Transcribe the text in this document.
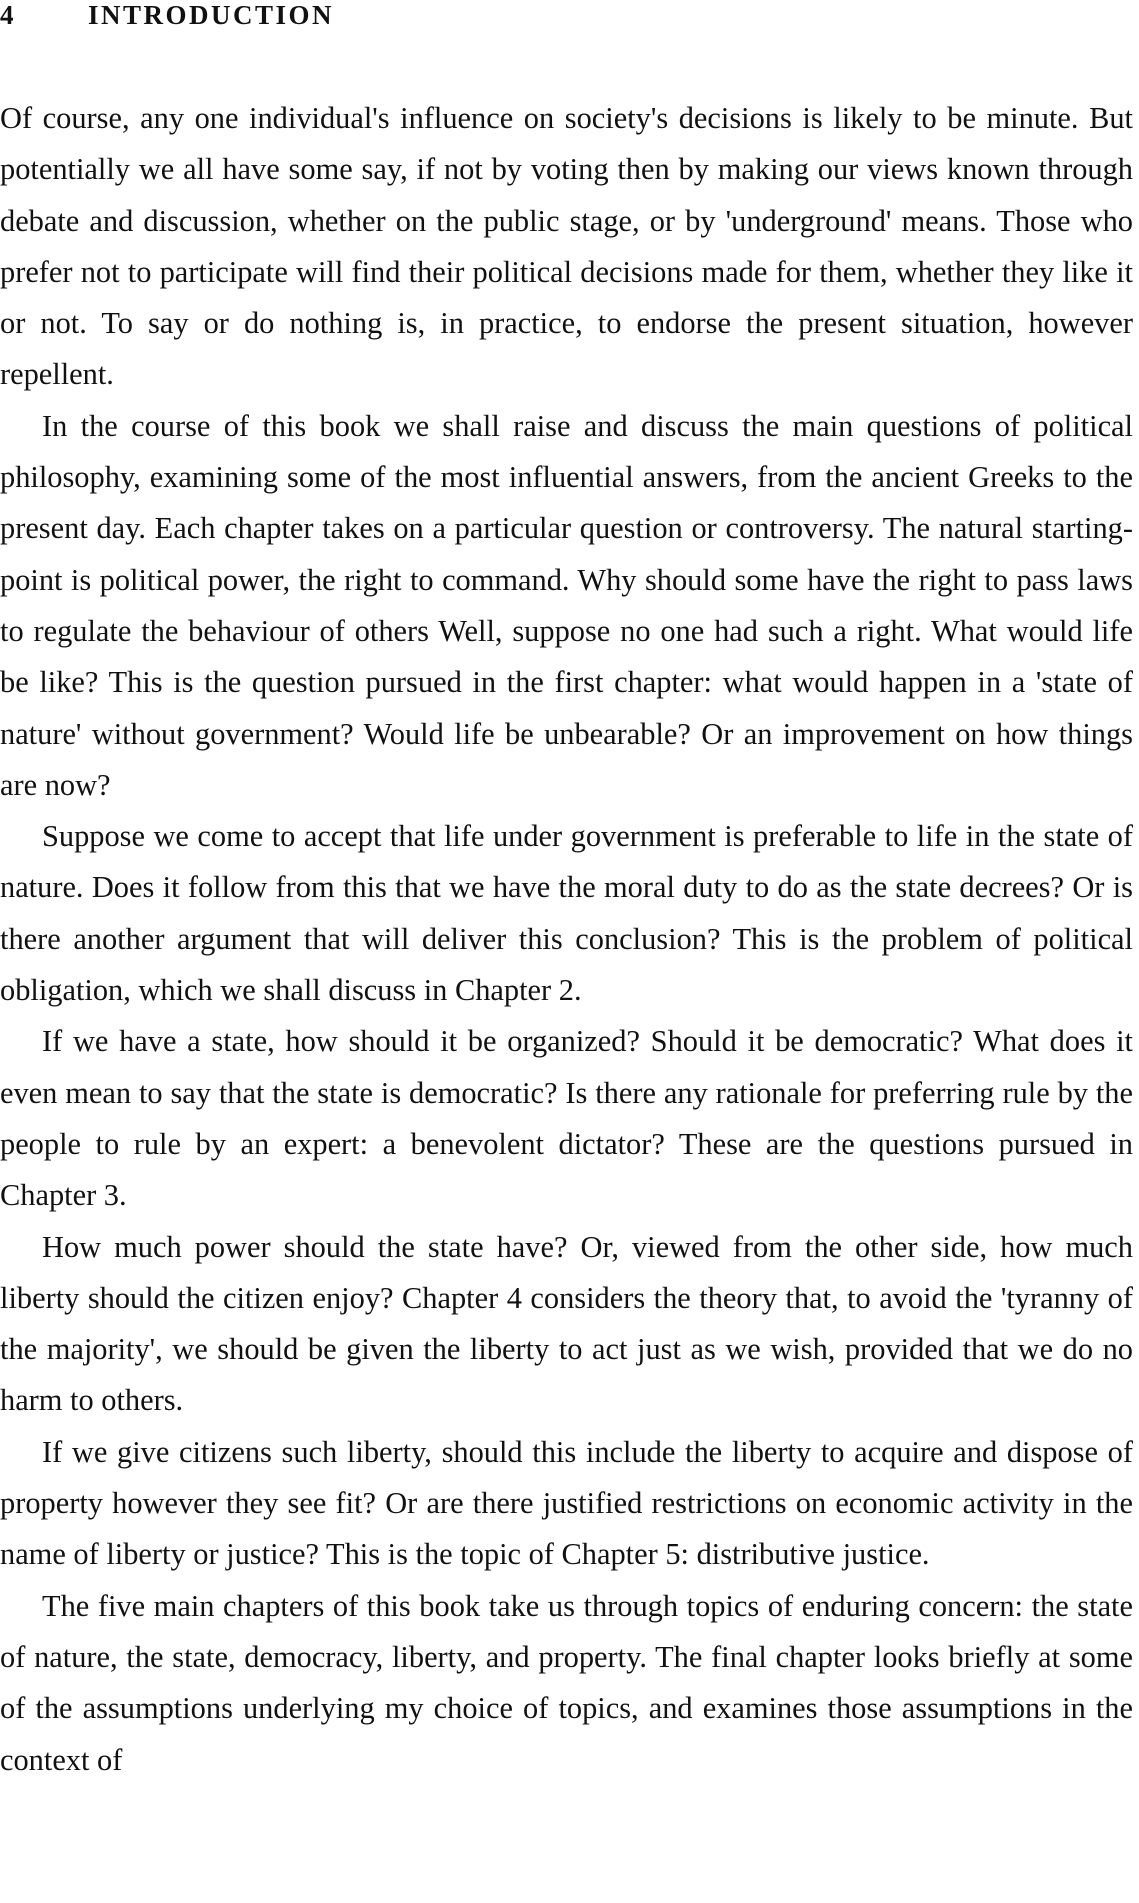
4	INTRODUCTION

Of course, any one individual's influence on society's decisions is likely to be minute. But potentially we all have some say, if not by voting then by making our views known through debate and discussion, whether on the public stage, or by 'underground' means. Those who prefer not to participate will find their political decisions made for them, whether they like it or not. To say or do nothing is, in practice, to endorse the present situation, however repellent.

In the course of this book we shall raise and discuss the main questions of political philosophy, examining some of the most influential answers, from the ancient Greeks to the present day. Each chapter takes on a particular question or controversy. The natural starting-point is political power, the right to command. Why should some have the right to pass laws to regulate the behaviour of others Well, suppose no one had such a right. What would life be like? This is the question pursued in the first chapter: what would happen in a 'state of nature' without government? Would life be unbearable? Or an improvement on how things are now?

Suppose we come to accept that life under government is preferable to life in the state of nature. Does it follow from this that we have the moral duty to do as the state decrees? Or is there another argument that will deliver this conclusion? This is the problem of political obligation, which we shall discuss in Chapter 2.

If we have a state, how should it be organized? Should it be democratic? What does it even mean to say that the state is democratic? Is there any rationale for preferring rule by the people to rule by an expert: a benevolent dictator? These are the questions pursued in Chapter 3.

How much power should the state have? Or, viewed from the other side, how much liberty should the citizen enjoy? Chapter 4 considers the theory that, to avoid the 'tyranny of the majority', we should be given the liberty to act just as we wish, provided that we do no harm to others.

If we give citizens such liberty, should this include the liberty to acquire and dispose of property however they see fit? Or are there justified restrictions on economic activity in the name of liberty or justice? This is the topic of Chapter 5: distributive justice.

The five main chapters of this book take us through topics of enduring concern: the state of nature, the state, democracy, liberty, and property. The final chapter looks briefly at some of the assumptions underlying my choice of topics, and examines those assumptions in the context of
